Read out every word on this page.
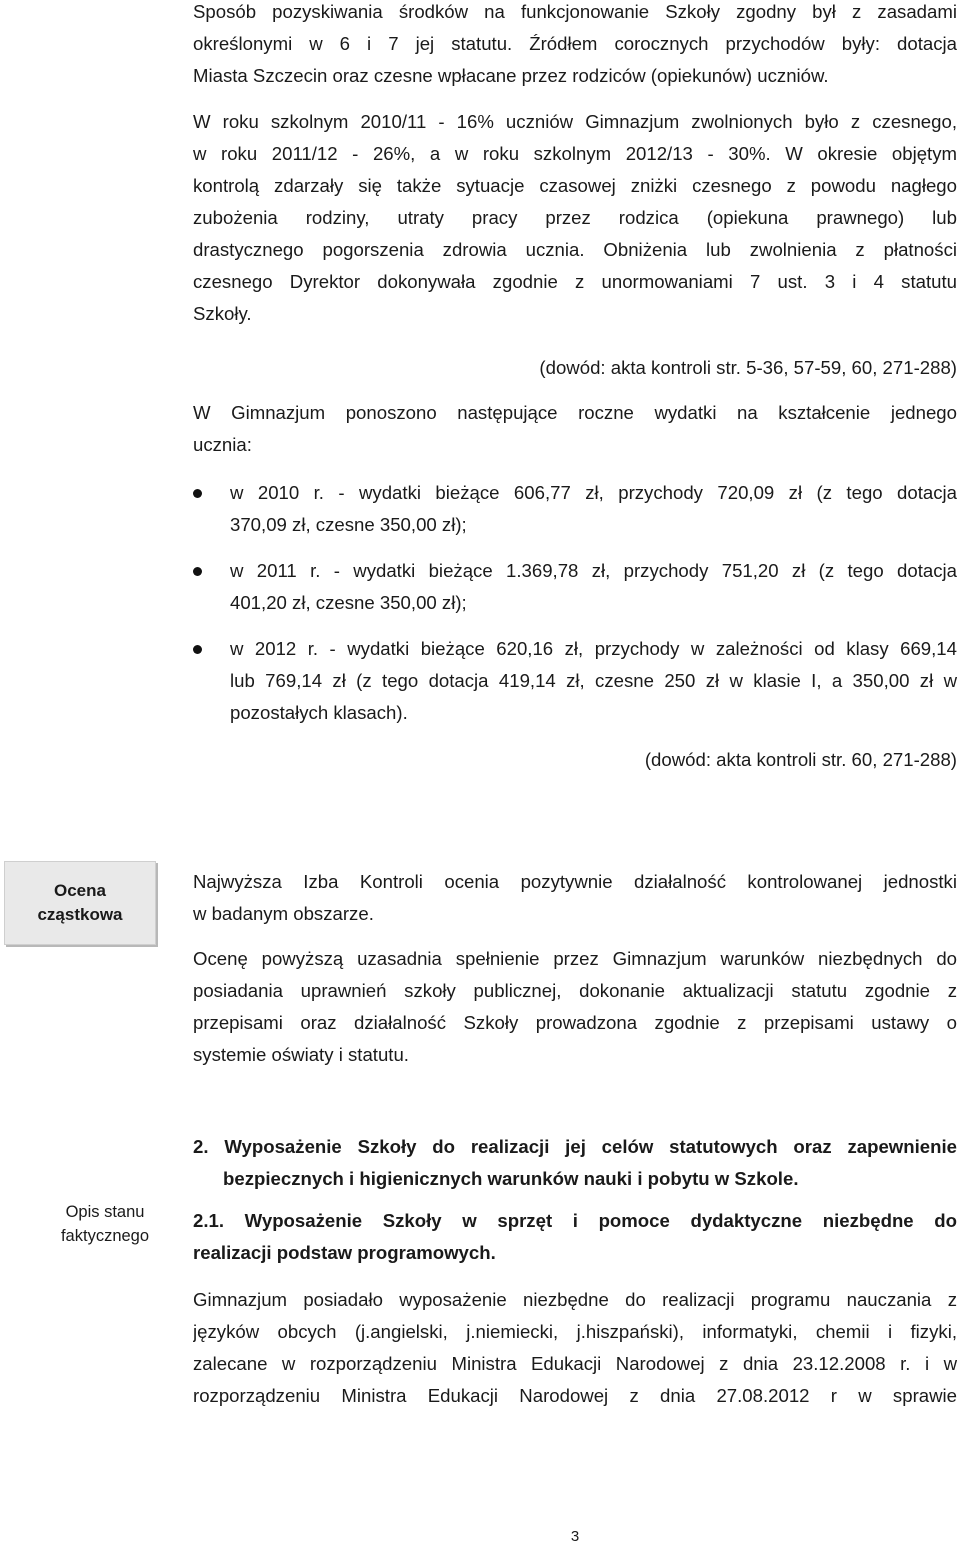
Sposób pozyskiwania środków na funkcjonowanie Szkoły zgodny był z zasadami
określonymi w 6 i 7 jej statutu. Źródłem corocznych przychodów były: dotacja
Miasta Szczecin oraz czesne wpłacane przez rodziców (opiekunów) uczniów.
W roku szkolnym 2010/11 - 16% uczniów Gimnazjum zwolnionych było z czesnego,
w roku 2011/12 - 26%, a w roku szkolnym 2012/13 - 30%. W okresie objętym
kontrolą zdarzały się także sytuacje czasowej zniżki czesnego z powodu nagłego
zubożenia rodziny, utraty pracy przez rodzica (opiekuna prawnego) lub
drastycznego pogorszenia zdrowia ucznia. Obniżenia lub zwolnienia z płatności
czesnego Dyrektor dokonywała zgodnie z unormowaniami 7 ust. 3 i 4 statutu
Szkoły.
(dowód: akta kontroli str. 5-36, 57-59, 60, 271-288)
W Gimnazjum ponoszono następujące roczne wydatki na kształcenie jednego
ucznia:
w 2010 r. - wydatki bieżące 606,77 zł, przychody 720,09 zł (z tego dotacja
370,09 zł, czesne 350,00 zł);
w 2011 r. - wydatki bieżące 1.369,78 zł, przychody 751,20 zł (z tego dotacja
401,20 zł, czesne 350,00 zł);
w 2012 r. - wydatki bieżące 620,16 zł, przychody w zależności od klasy 669,14
lub 769,14 zł (z tego dotacja 419,14 zł, czesne 250 zł w klasie I, a 350,00 zł w
pozostałych klasach).
(dowód: akta kontroli str. 60, 271-288)
Ocena
cząstkowa
Najwyższa Izba Kontroli ocenia pozytywnie działalność kontrolowanej jednostki
w badanym obszarze.
Ocenę powyższą uzasadnia spełnienie przez Gimnazjum warunków niezbędnych do
posiadania uprawnień szkoły publicznej, dokonanie aktualizacji statutu zgodnie z
przepisami oraz działalność Szkoły prowadzona zgodnie z przepisami ustawy o
systemie oświaty i statutu.
Opis stanu
faktycznego
2. Wyposażenie Szkoły do realizacji jej celów statutowych oraz zapewnienie
bezpiecznych i higienicznych warunków nauki i pobytu w Szkole.
2.1. Wyposażenie Szkoły w sprzęt i pomoce dydaktyczne niezbędne do
realizacji podstaw programowych.
Gimnazjum posiadało wyposażenie niezbędne do realizacji programu nauczania z
języków obcych (j.angielski, j.niemiecki, j.hiszpański), informatyki, chemii i fizyki,
zalecane w rozporządzeniu Ministra Edukacji Narodowej z dnia 23.12.2008 r. i w
rozporządzeniu Ministra Edukacji Narodowej z dnia 27.08.2012 r w sprawie
3
